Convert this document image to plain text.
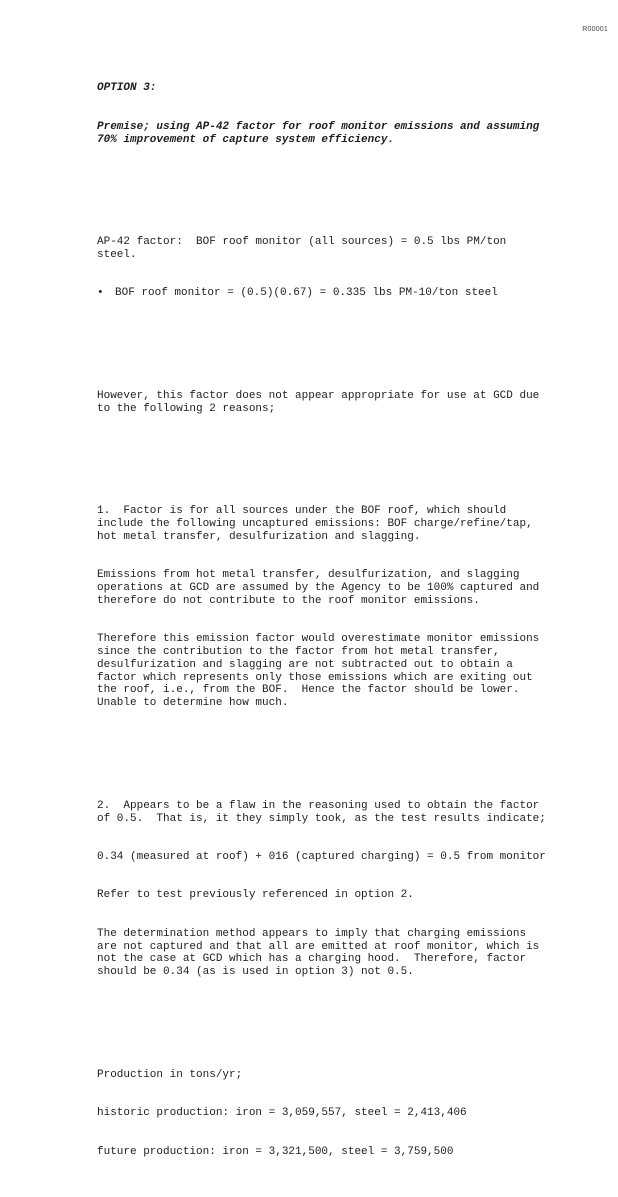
R00001

OPTION 3:

Premise; using AP-42 factor for roof monitor emissions and assuming 70% improvement of capture system efficiency.

AP-42 factor:  BOF roof monitor (all sources) = 0.5 lbs PM/ton steel.

•	BOF roof monitor = (0.5)(0.67) = 0.335 lbs PM-10/ton steel

However, this factor does not appear appropriate for use at GCD due to the following 2 reasons;

1.  Factor is for all sources under the BOF roof, which should include the following uncaptured emissions: BOF charge/refine/tap, hot metal transfer, desulfurization and slagging.

Emissions from hot metal transfer, desulfurization, and slagging operations at GCD are assumed by the Agency to be 100% captured and therefore do not contribute to the roof monitor emissions.

Therefore this emission factor would overestimate monitor emissions since the contribution to the factor from hot metal transfer, desulfurization and slagging are not subtracted out to obtain a factor which represents only those emissions which are exiting out the roof, i.e., from the BOF.  Hence the factor should be lower.  Unable to determine how much.

2.  Appears to be a flaw in the reasoning used to obtain the factor of 0.5.  That is, it they simply took, as the test results indicate;

0.34 (measured at roof) + 016 (captured charging) = 0.5 from monitor

Refer to test previously referenced in option 2.

The determination method appears to imply that charging emissions are not captured and that all are emitted at roof monitor, which is not the case at GCD which has a charging hood.  Therefore, factor should be 0.34 (as is used in option 3) not 0.5.

Production in tons/yr;

historic production: iron = 3,059,557, steel = 2,413,406

future production: iron = 3,321,500, steel = 3,759,500
